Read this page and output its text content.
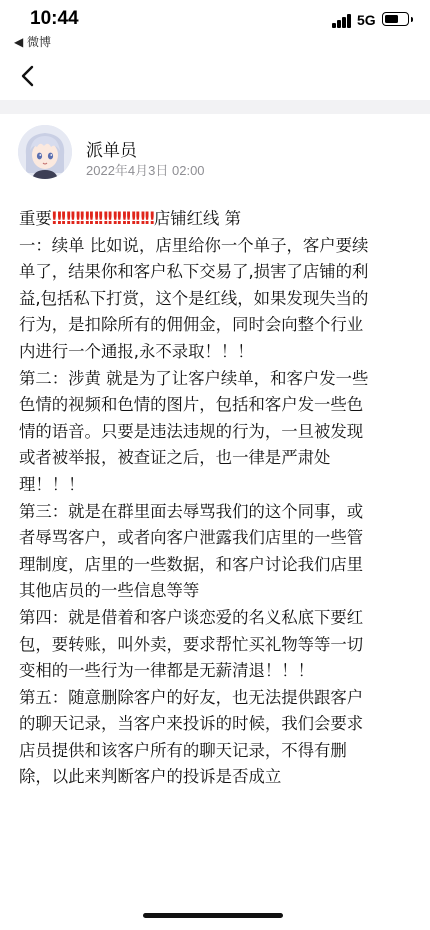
10:44
◀ 微博
5G
派单员
2022年4月3日 02:00
重要‼‼‼‼‼‼‼‼‼‼‼店铺红线 第
一：续单 比如说，店里给你一个单子，客户要续
单了，结果你和客户私下交易了,损害了店铺的利
益,包括私下打赏，这个是红线，如果发现失当的
行为，是扣除所有的佣佣金，同时会向整个行业
内进行一个通报,永不录取！！！
第二：涉黄 就是为了让客户续单，和客户发一些
色情的视频和色情的图片，包括和客户发一些色
情的语音。只要是违法违规的行为，一旦被发现
或者被举报，被查证之后，也一律是严肃处
理！！！
第三：就是在群里面去辱骂我们的这个同事，或
者辱骂客户，或者向客户泄露我们店里的一些管
理制度，店里的一些数据，和客户讨论我们店里
其他店员的一些信息等等
第四：就是借着和客户谈恋爱的名义私底下要红
包，要转账，叫外卖，要求帮忙买礼物等等一切
变相的一些行为一律都是无薪清退！！！
第五：随意删除客户的好友，也无法提供跟客户
的聊天记录，当客户来投诉的时候，我们会要求
店员提供和该客户所有的聊天记录，不得有删
除，以此来判断客户的投诉是否成立
